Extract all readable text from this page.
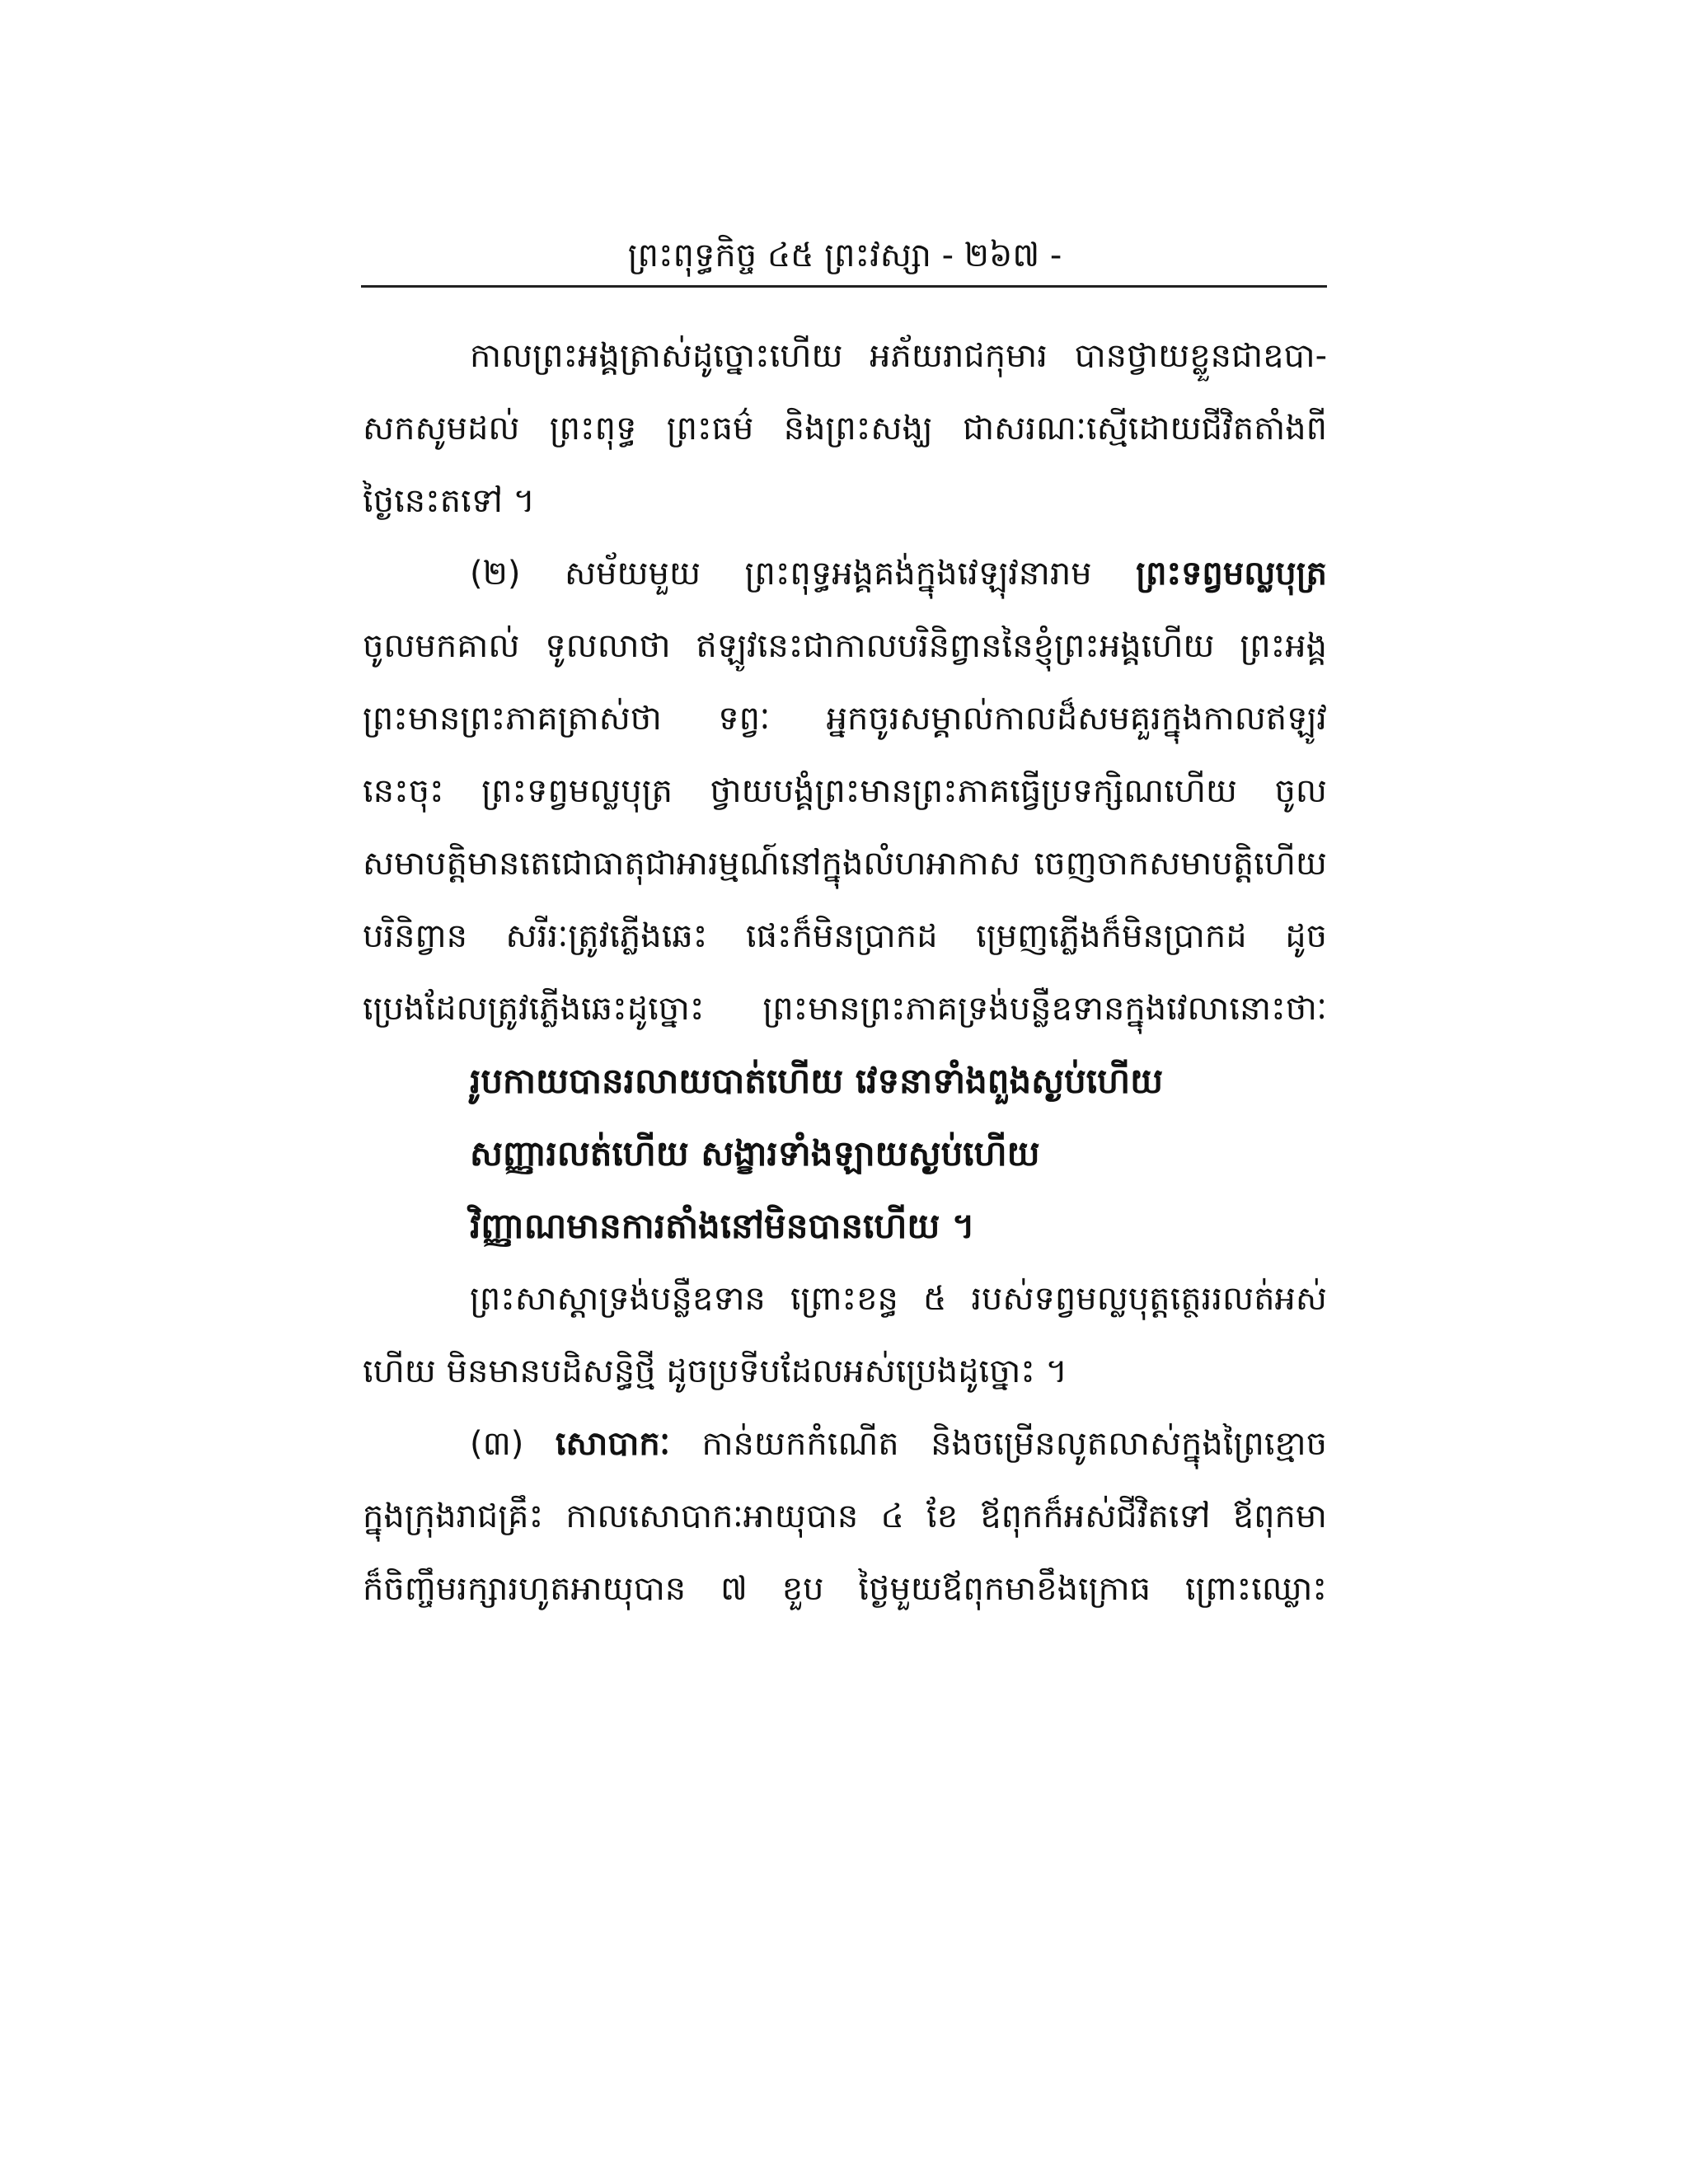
ព្រះពុទ្ធកិច្ច ៤៥ ព្រះវស្សា - ២៦៧ -
កាលព្រះអង្គត្រាស់ដូច្នោះហើយ អភ័យរាជកុមារ បានថ្វាយខ្លួនជាឧបា-
សកសូមដល់ ព្រះពុទ្ធ ព្រះធម៌ និងព្រះសង្ឃ ជាសរណៈស្មើដោយជីវិតតាំងពី
ថ្ងៃនេះតទៅ ។
(២) សម័យមួយ ព្រះពុទ្ធអង្គគង់ក្នុងវេឡុវនារាម ព្រះទព្វមល្លបុត្រ
ចូលមកគាល់ ទូលលាថា ឥឡូវនេះជាកាលបរិនិព្វាននៃខ្ញុំព្រះអង្គហើយ ព្រះអង្គ
ព្រះមានព្រះភាគត្រាស់ថា ទព្វៈ អ្នកចូរសម្គាល់កាលដ៏សមគួរក្នុងកាលឥឡូវ
នេះចុះ ព្រះទព្វមល្លបុត្រ ថ្វាយបង្គំព្រះមានព្រះភាគធ្វើប្រទក្សិណហើយ ចូល
សមាបត្តិមានតេជោធាតុជាអារម្មណ៍នៅក្នុងលំហអាកាស ចេញចាកសមាបត្តិហើយ
បរិនិព្វាន សរីរៈត្រូវភ្លើងឆេះ ផេះក៏មិនប្រាកដ ម្រេញភ្លើងក៏មិនប្រាកដ ដូច
ប្រេងដែលត្រូវភ្លើងឆេះដូច្នោះ ព្រះមានព្រះភាគទ្រង់បន្លឺឧទានក្នុងវេលានោះថាៈ
រូបកាយបានរលាយបាត់ហើយ វេទនាទាំងពួងស្ងប់ហើយ
សញ្ញារលត់ហើយ សង្ខារទាំងឡាយស្ងប់ហើយ
វិញ្ញាណមានការតាំងនៅមិនបានហើយ ។
ព្រះសាស្តាទ្រង់បន្លឺឧទាន ព្រោះខន្ធ ៥ របស់ទព្វមល្លបុត្តត្ថេររលត់អស់
ហើយ មិនមានបដិសន្ធិថ្មី ដូចប្រទីបដែលអស់ប្រេងដូច្នោះ ។
(៣) សោបាកៈ កាន់យកកំណើត និងចម្រើនលូតលាស់ក្នុងព្រៃខ្មោច
ក្នុងក្រុងរាជគ្រឹះ កាលសោបាកៈអាយុបាន ៤ ខែ ឪពុកក៏អស់ជីវិតទៅ ឪពុកមា
ក៏ចិញ្ចឹមរក្សារហូតអាយុបាន ៧ ខួប ថ្ងៃមួយឪពុកមាខឹងក្រោធ ព្រោះឈ្លោះ
